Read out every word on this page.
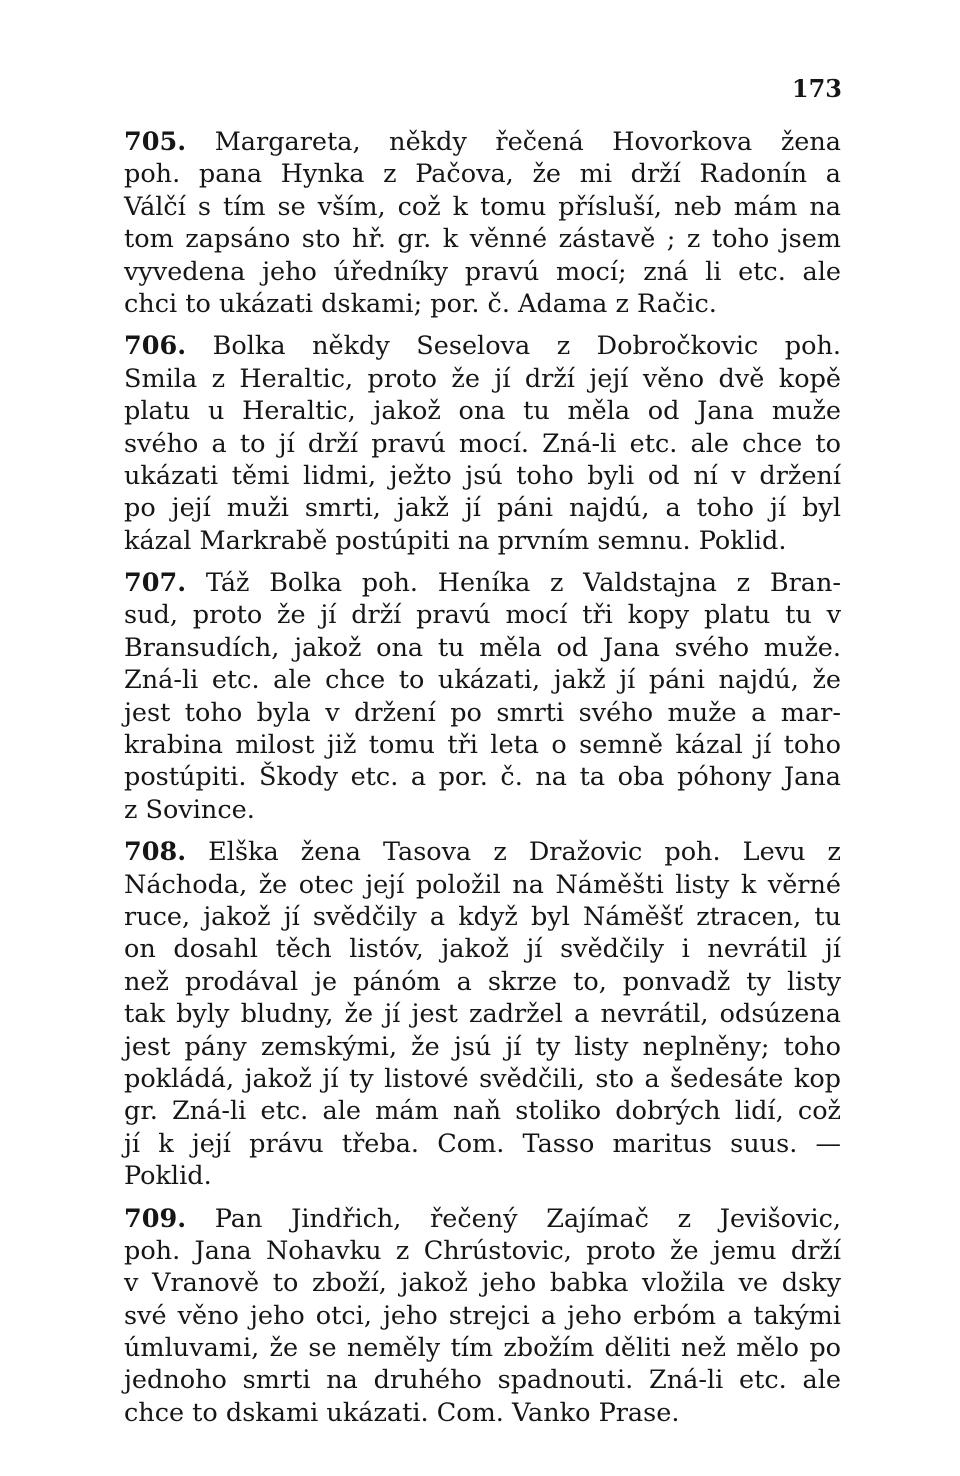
173
705. Margareta, někdy řečená Hovorkova žena
poh. pana Hynka z Pačova, že mi drží Radonín a
Válčí s tím se vším, což k tomu přísluší, neb mám na
tom zapsáno sto hř. gr. k věnné zástavě ; z toho jsem
vyvedena jeho úředníky pravú mocí; zná li etc. ale
chci to ukázati dskami; por. č. Adama z Račic.
706. Bolka někdy Seselova z Dobročkovic poh.
Smila z Heraltic, proto že jí drží její věno dvě kopě
platu u Heraltic, jakož ona tu měla od Jana muže
svého a to jí drží pravú mocí. Zná-li etc. ale chce to
ukázati těmi lidmi, ježto jsú toho byli od ní v držení
po její muži smrti, jakž jí páni najdú, a toho jí byl
kázal Markrabě postúpiti na prvním semnu. Poklid.
707. Táž Bolka poh. Heníka z Valdstajna z Bran-
sud, proto že jí drží pravú mocí tři kopy platu tu v
Bransudích, jakož ona tu měla od Jana svého muže.
Zná-li etc. ale chce to ukázati, jakž jí páni najdú, že
jest toho byla v držení po smrti svého muže a mar-
krabina milost již tomu tři leta o semně kázal jí toho
postúpiti. Škody etc. a por. č. na ta oba póhony Jana
z Sovince.
708. Elška žena Tasova z Dražovic poh. Levu z
Náchoda, že otec její položil na Náměšti listy k věrné
ruce, jakož jí svědčily a když byl Náměšť ztracen, tu
on dosahl těch listóv, jakož jí svědčily i nevrátil jí
než prodával je pánóm a skrze to, ponvadž ty listy
tak byly bludny, že jí jest zadržel a nevrátil, odsúzena
jest pány zemskými, že jsú jí ty listy neplněny; toho
pokládá, jakož jí ty listové svědčili, sto a šedesáte kop
gr. Zná-li etc. ale mám naň stoliko dobrých lidí, což
jí k její právu třeba. Com. Tasso maritus suus. —
Poklid.
709. Pan Jindřich, řečený Zajímač z Jevišovic,
poh. Jana Nohavku z Chrústovic, proto že jemu drží
v Vranově to zboží, jakož jeho babka vložila ve dsky
své věno jeho otci, jeho strejci a jeho erbóm a takými
úmluvami, že se neměly tím zbožím děliti než mělo po
jednoho smrti na druhého spadnouti. Zná-li etc. ale
chce to dskami ukázati. Com. Vanko Prase.
